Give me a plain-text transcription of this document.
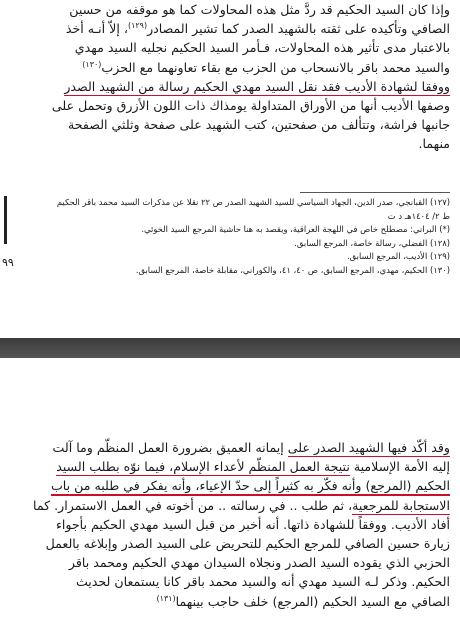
وإذا كان السيد الحكيم قد ردَّ مثل هذه المحاولات كما هو موقفه من حسين
الصافي وتأكيده على ثقته بالشهيد الصدر كما تشير المصادر$^{(١٢٩)}$، إلاّ أنـه أخذ
بالاعتبار مدى تأثير هذه المحاولات، فـأمر السيد الحكيم نجليه السيد مهدي
والسيد محمد باقر بالانسحاب من الحزب مع بقاء تعاونهما مع الحزب$^{(١٣٠)}$
ووفقا لشهادة الأديب فقد نقل السيد مهدي الحكيم رسالة من الشهيد الصدر
وصفها الأديب أنها من الأوراق المتداولة يومذاك ذات اللون الأزرق وتحمل على
جانبها فراشة، وتتألف من صفحتين، كتب الشهيد على صفحة وثلثي الصفحة
منهما.
(١٢٧) القبانجي، صدر الدين، الجهاد السياسي للسيد الشهيد الصدر ص ٢٢ نقلا عن مذكرات السيد محمد باقر الحكيم
ط ٢/ ١٤٠٤هـ د ت
(*) البراني: مصطلح خاص في اللهجة العراقية، ويقصد به هنا حاشية المرجع السيد الخوئي.
(١٢٨) الفضلي، رسالة خاصة، المرجع السابق.
(١٢٩) الأديب، المرجع السابق.
(١٣٠) الحكيم، مهدي، المرجع السابق، ص ٤٠، ٤١، والكوراني، مقابلة خاصة، المرجع السابق.
٩٩
وقد أكّد فيها الشهيد الصدر على إيمانه العميق بضرورة العمل المنظّم وما آلت
إليه الأمة الإسلامية نتيجة العمل المنظّم لأعداء الإسلام، فيما نوّه بطلب السيد
الحكيم (المرجع) وأنه فكّر به كثيراً إلى حدّ الإعياء، وأنه يفكر في طلبه من باب
الاستجابة للمرجعية، ثم طلب .. في رسالته .. من أخوته في العمل الاستمرار. كما
أفاد الأديب. ووفقاً للشهادة ذاتها. أنه أخبر من قبل السيد مهدي الحكيم بأجواء
زيارة حسين الصافي للمرجع الحكيم للتحريض على السيد الصدر وإبلاغه بالعمل
الحزبي الذي يقوده السيد الصدر ونجلاه السيدان مهدي الحكيم ومحمد باقر
الحكيم. وذكر لـه السيد مهدي أنه والسيد محمد باقر كانا يستمعان لحديث
الصافي مع السيد الحكيم (المرجع) خلف حاجب بينهما$^{(١٣١)}$
